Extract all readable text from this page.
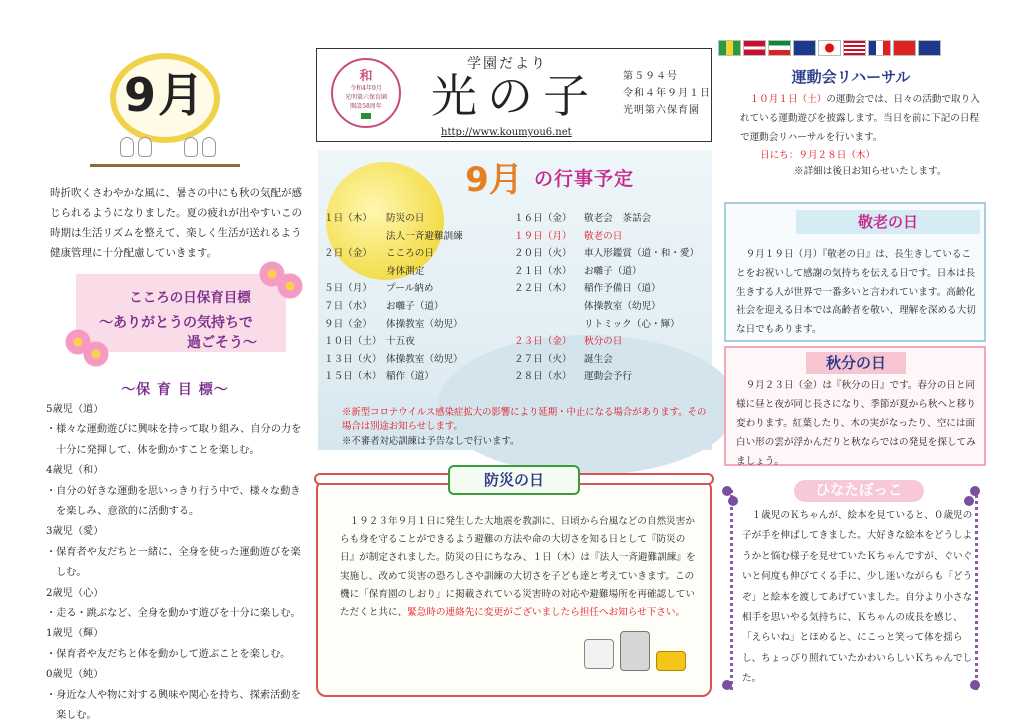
9月
時折吹くさわやかな風に、暑さの中にも秋の気配が感じられるようになりました。夏の疲れが出やすいこの時期は生活リズムを整えて、楽しく生活が送れるよう健康管理に十分配慮していきます。
こころの日保育目標
～ありがとうの気持ちで
過ごそう～
～保 育 目 標～
5歳児（道）
・様々な運動遊びに興味を持って取り組み、自分の力を十分に発揮して、体を動かすことを楽しむ。
4歳児（和）
・自分の好きな運動を思いっきり行う中で、様々な動きを楽しみ、意欲的に活動する。
3歳児（愛）
・保育者や友だちと一緒に、全身を使った運動遊びを楽しむ。
2歳児（心）
・走る・跳ぶなど、全身を動かす遊びを十分に楽しむ。
1歳児（輝）
・保育者や友だちと体を動かして遊ぶことを楽しむ。
0歳児（純）
・身近な人や物に対する興味や関心を持ち、探索活動を楽しむ。
和
令和4年9月
光明第六保育園
開設58周年
学園だより
光の子
http://www.koumyou6.net
第５９４号
令和４年９月１日
光明第六保育園
9月 の行事予定
１日（木）	防災の日
法人一斉避難訓練
２日（金）	こころの日
身体測定
５日（月）	プール納め
７日（水）	お囃子（道）
９日（金）	体操教室（幼児）
１０日（土） 十五夜
１３日（火） 体操教室（幼児）
１５日（木） 稲作（道）
１６日（金）	敬老会　茶話会
１９日（月）	敬老の日
２０日（火）	車人形鑑賞（道・和・愛）
２１日（水）	お囃子（道）
２２日（木）	稲作予備日（道）
体操教室（幼児）
リトミック（心・輝）
２３日（金）	秋分の日
２７日（火）	誕生会
２８日（水）	運動会予行
※新型コロナウイルス感染症拡大の影響により延期・中止になる場合があります。その場合は別途お知らせします。
※不審者対応訓練は予告なしで行います。
防災の日
１９２３年９月１日に発生した大地震を教訓に、日頃から台風などの自然災害からも身を守ることができるよう避難の方法や命の大切さを知る日として『防災の日』が制定されました。防災の日にちなみ、１日（木）は『法人一斉避難訓練』を実施し、改めて災害の恐ろしさや訓練の大切さを子ども達と考えていきます。この機に「保育園のしおり」に掲載されている災害時の対応や避難場所を再確認していただくと共に、緊急時の連絡先に変更がございましたら担任へお知らせ下さい。
運動会リハーサル
１０月１日（土）の運動会では、日々の活動で取り入れている運動遊びを披露します。当日を前に下記の日程で運動会リハーサルを行います。
日にち：９月２８日（木）
※詳細は後日お知らせいたします。
敬老の日
９月１９日（月）『敬老の日』は、長生きしていることをお祝いして感謝の気持ちを伝える日です。日本は長生きする人が世界で一番多いと言われています。高齢化社会を迎える日本では高齢者を敬い、理解を深める大切な日でもあります。
秋分の日
９月２３日（金）は『秋分の日』です。春分の日と同様に昼と夜が同じ長さになり、季節が夏から秋へと移り変わります。紅葉したり、木の実がなったり、空には面白い形の雲が浮かんだりと秋ならではの発見を探してみましょう。
ひなたぼっこ
１歳児のＫちゃんが、絵本を見ていると、０歳児の子が手を伸ばしてきました。大好きな絵本をどうしようかと悩む様子を見せていたＫちゃんですが、ぐいぐいと何度も伸びてくる手に、少し迷いながらも「どうぞ」と絵本を渡してあげていました。自分より小さな相手を思いやる気持ちに、Ｋちゃんの成長を感じ、「えらいね」とほめると、にこっと笑って体を揺らし、ちょっぴり照れていたかわいらしいＫちゃんでした。
